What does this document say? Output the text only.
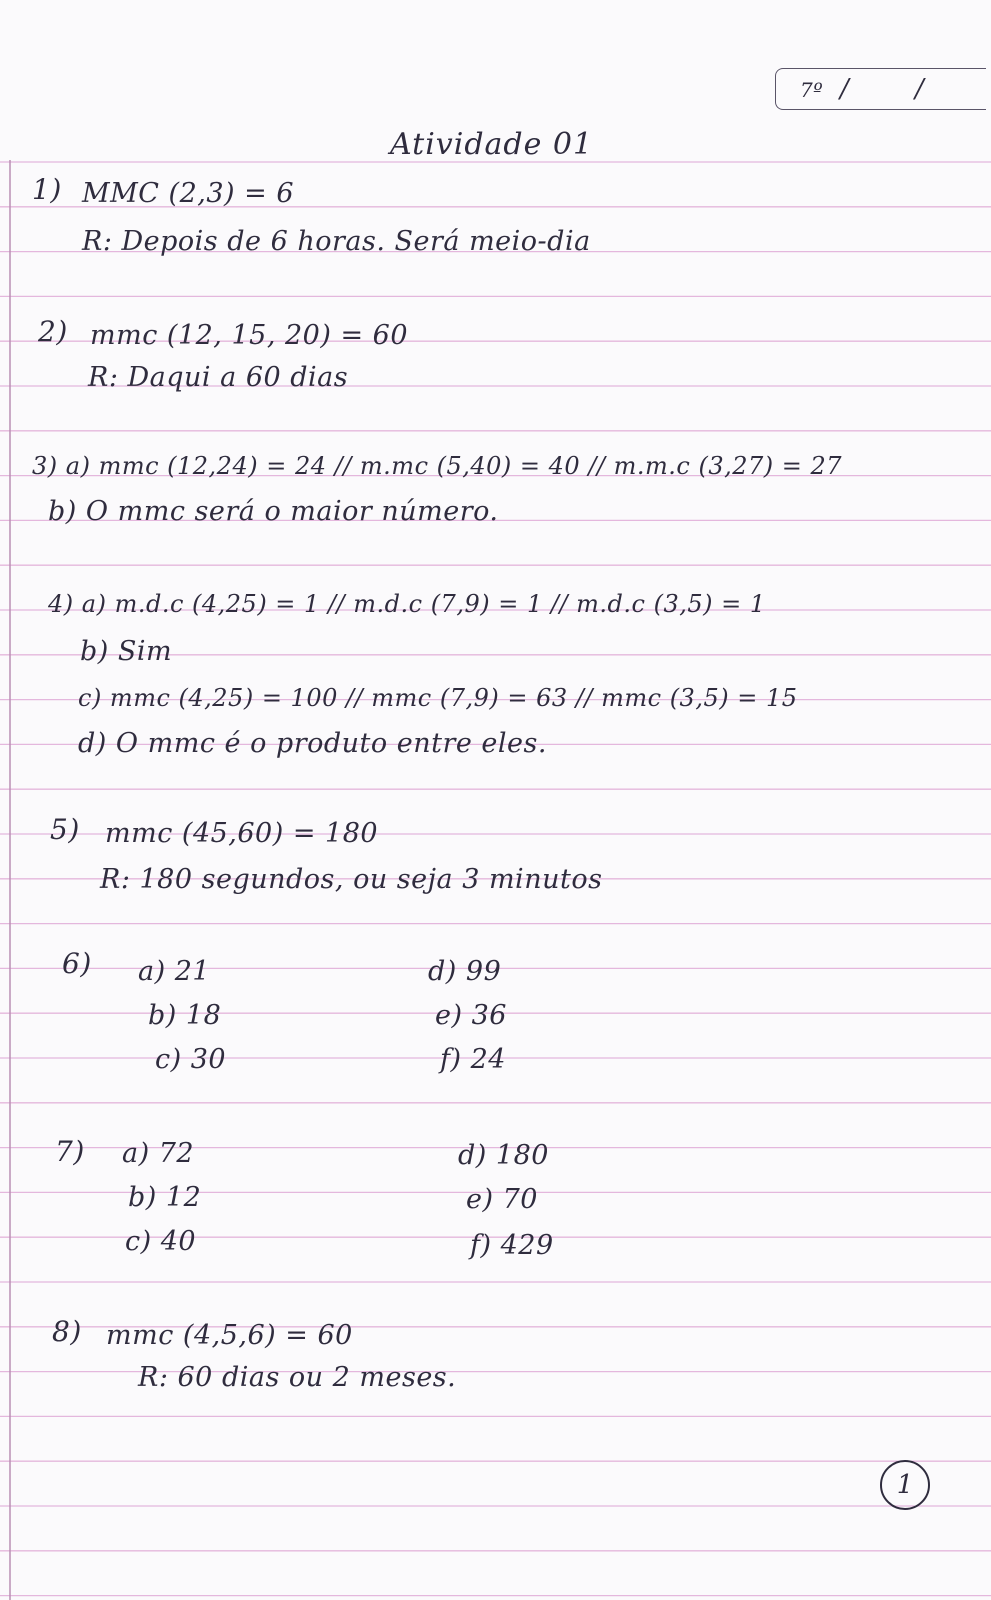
7º /	/
Atividade 01
1) MMC (2,3) = 6
R: Depois de 6 horas. Será meio-dia
2) mmc (12, 15, 20) = 60
R: Daqui a 60 dias
3) a) mmc (12,24) = 24 // m.mc (5,40) = 40 // m.m.c (3,27) = 27
b) O mmc será o maior número.
4) a) m.d.c (4,25) = 1 // m.d.c (7,9) = 1 // m.d.c (3,5) = 1
b) Sim
c) mmc (4,25) = 100 // mmc (7,9) = 63 // mmc (3,5) = 15
d) O mmc é o produto entre eles.
5) mmc (45,60) = 180
R: 180 segundos, ou seja 3 minutos
6) a) 21
b) 18
c) 30
d) 99
e) 36
f) 24
7) a) 72
b) 12
c) 40
d) 180
e) 70
f) 429
8) mmc (4,5,6) = 60
R: 60 dias ou 2 meses.
1
